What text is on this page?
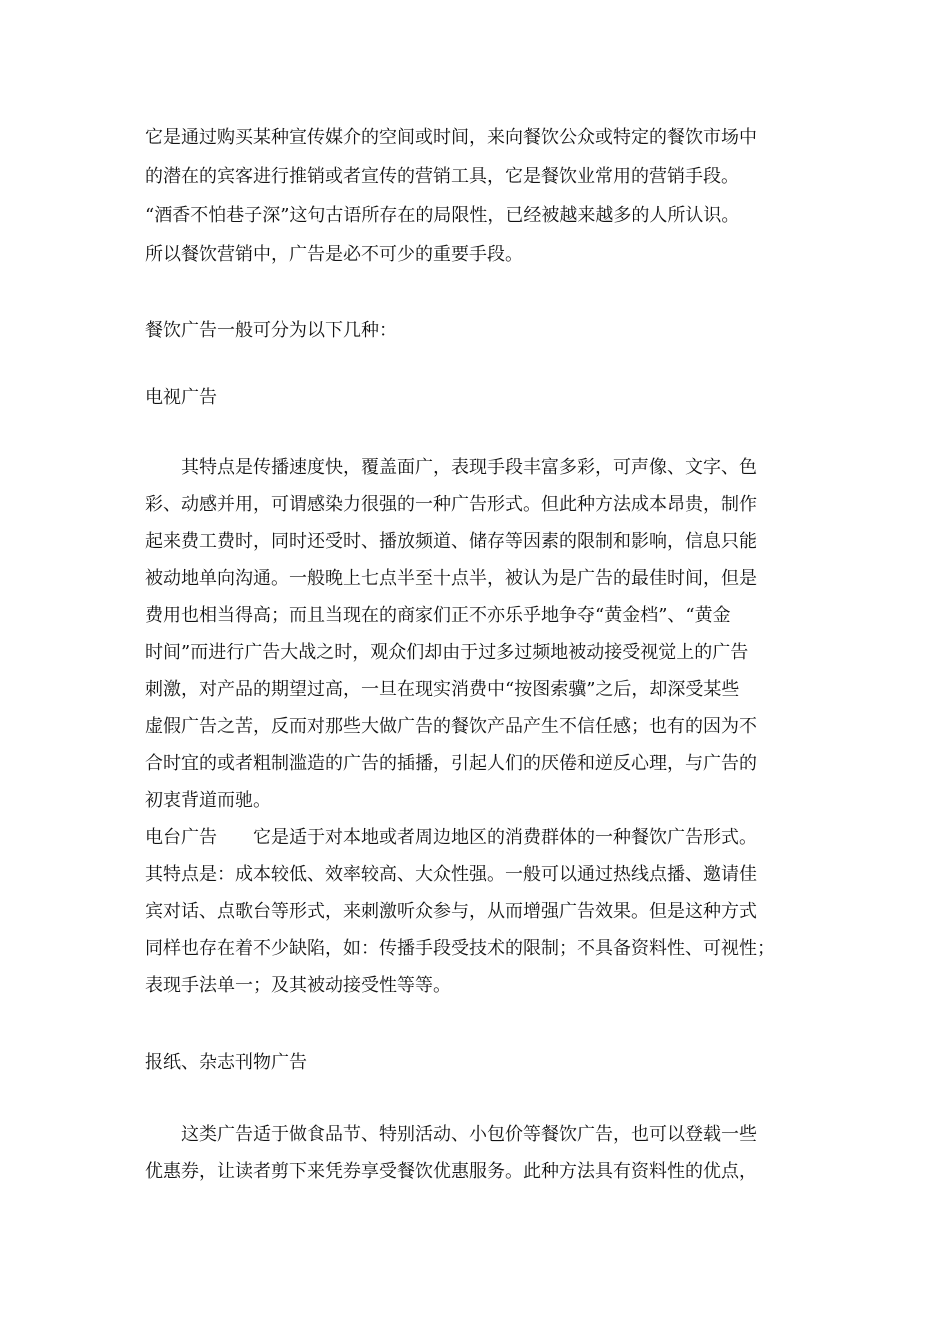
它是通过购买某种宣传媒介的空间或时间，来向餐饮公众或特定的餐饮市场中
的潜在的宾客进行推销或者宣传的营销工具，它是餐饮业常用的营销手段。
“酒香不怕巷子深”这句古语所存在的局限性，已经被越来越多的人所认识。
所以餐饮营销中，广告是必不可少的重要手段。
餐饮广告一般可分为以下几种：
电视广告
其特点是传播速度快，覆盖面广，表现手段丰富多彩，可声像、文字、色
彩、动感并用，可谓感染力很强的一种广告形式。但此种方法成本昂贵，制作
起来费工费时，同时还受时、播放频道、储存等因素的限制和影响，信息只能
被动地单向沟通。一般晚上七点半至十点半，被认为是广告的最佳时间，但是
费用也相当得高；而且当现在的商家们正不亦乐乎地争夺“黄金档”、“黄金
时间”而进行广告大战之时，观众们却由于过多过频地被动接受视觉上的广告
刺激，对产品的期望过高，一旦在现实消费中“按图索骥”之后，却深受某些
虚假广告之苦，反而对那些大做广告的餐饮产品产生不信任感；也有的因为不
合时宜的或者粗制滥造的广告的插播，引起人们的厌倦和逆反心理，与广告的
初衷背道而驰。
电台广告 它是适于对本地或者周边地区的消费群体的一种餐饮广告形式。
其特点是：成本较低、效率较高、大众性强。一般可以通过热线点播、邀请佳
宾对话、点歌台等形式，来刺激听众参与，从而增强广告效果。但是这种方式
同样也存在着不少缺陷，如：传播手段受技术的限制；不具备资料性、可视性；
表现手法单一；及其被动接受性等等。
报纸、杂志刊物广告
这类广告适于做食品节、特别活动、小包价等餐饮广告，也可以登载一些
优惠券，让读者剪下来凭券享受餐饮优惠服务。此种方法具有资料性的优点，
